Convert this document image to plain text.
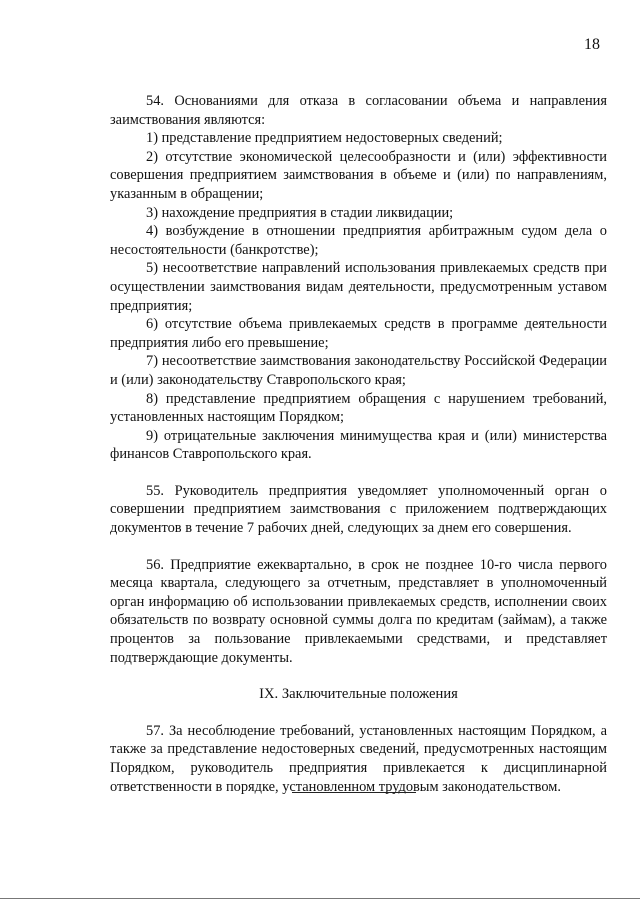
18

54. Основаниями для отказа в согласовании объема и направления заимствования являются:

1) представление предприятием недостоверных сведений;

2) отсутствие экономической целесообразности и (или) эффективности совершения предприятием заимствования в объеме и (или) по направлениям, указанным в обращении;

3) нахождение предприятия в стадии ликвидации;

4) возбуждение в отношении предприятия арбитражным судом дела о несостоятельности (банкротстве);

5) несоответствие направлений использования привлекаемых средств при осуществлении заимствования видам деятельности, предусмотренным уставом предприятия;

6) отсутствие объема привлекаемых средств в программе деятельности предприятия либо его превышение;

7) несоответствие заимствования законодательству Российской Федерации и (или) законодательству Ставропольского края;

8) представление предприятием обращения с нарушением требований, установленных настоящим Порядком;

9) отрицательные заключения минимущества края и (или) министерства финансов Ставропольского края.

55. Руководитель предприятия уведомляет уполномоченный орган о совершении предприятием заимствования с приложением подтверждающих документов в течение 7 рабочих дней, следующих за днем его совершения.

56. Предприятие ежеквартально, в срок не позднее 10-го числа первого месяца квартала, следующего за отчетным, представляет в уполномоченный орган информацию об использовании привлекаемых средств, исполнении своих обязательств по возврату основной суммы долга по кредитам (займам), а также процентов за пользование привлекаемыми средствами, и представляет подтверждающие документы.

IX. Заключительные положения

57. За несоблюдение требований, установленных настоящим Порядком, а также за представление недостоверных сведений, предусмотренных настоящим Порядком, руководитель предприятия привлекается к дисциплинарной ответственности в порядке, установленном трудовым законодательством.
